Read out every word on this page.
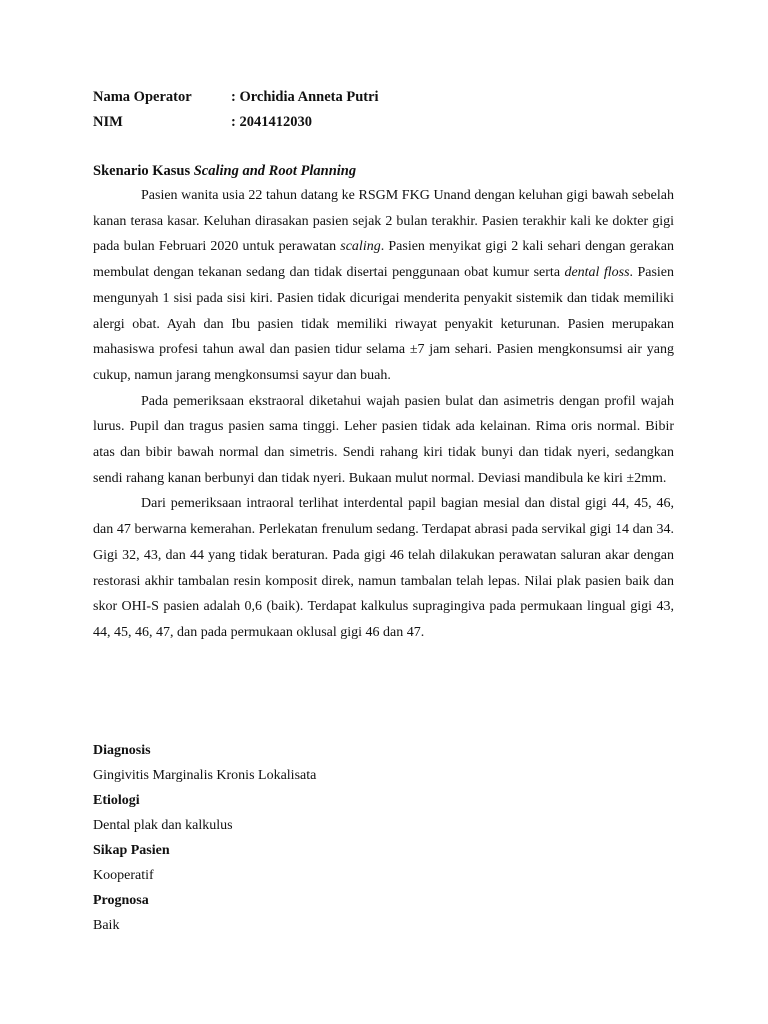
Nama Operator	: Orchidia Anneta Putri
NIM	: 2041412030
Skenario Kasus Scaling and Root Planning

Pasien wanita usia 22 tahun datang ke RSGM FKG Unand dengan keluhan gigi bawah sebelah kanan terasa kasar. Keluhan dirasakan pasien sejak 2 bulan terakhir. Pasien terakhir kali ke dokter gigi pada bulan Februari 2020 untuk perawatan scaling. Pasien menyikat gigi 2 kali sehari dengan gerakan membulat dengan tekanan sedang dan tidak disertai penggunaan obat kumur serta dental floss. Pasien mengunyah 1 sisi pada sisi kiri. Pasien tidak dicurigai menderita penyakit sistemik dan tidak memiliki alergi obat. Ayah dan Ibu pasien tidak memiliki riwayat penyakit keturunan. Pasien merupakan mahasiswa profesi tahun awal dan pasien tidur selama ±7 jam sehari. Pasien mengkonsumsi air yang cukup, namun jarang mengkonsumsi sayur dan buah.

Pada pemeriksaan ekstraoral diketahui wajah pasien bulat dan asimetris dengan profil wajah lurus. Pupil dan tragus pasien sama tinggi. Leher pasien tidak ada kelainan. Rima oris normal. Bibir atas dan bibir bawah normal dan simetris. Sendi rahang kiri tidak bunyi dan tidak nyeri, sedangkan sendi rahang kanan berbunyi dan tidak nyeri. Bukaan mulut normal. Deviasi mandibula ke kiri ±2mm.

Dari pemeriksaan intraoral terlihat interdental papil bagian mesial dan distal gigi 44, 45, 46, dan 47 berwarna kemerahan. Perlekatan frenulum sedang. Terdapat abrasi pada servikal gigi 14 dan 34. Gigi 32, 43, dan 44 yang tidak beraturan. Pada gigi 46 telah dilakukan perawatan saluran akar dengan restorasi akhir tambalan resin komposit direk, namun tambalan telah lepas. Nilai plak pasien baik dan skor OHI-S pasien adalah 0,6 (baik). Terdapat kalkulus supragingiva pada permukaan lingual gigi 43, 44, 45, 46, 47, dan pada permukaan oklusal gigi 46 dan 47.

Diagnosis
Gingivitis Marginalis Kronis Lokalisata
Etiologi
Dental plak dan kalkulus
Sikap Pasien
Kooperatif
Prognosa
Baik
